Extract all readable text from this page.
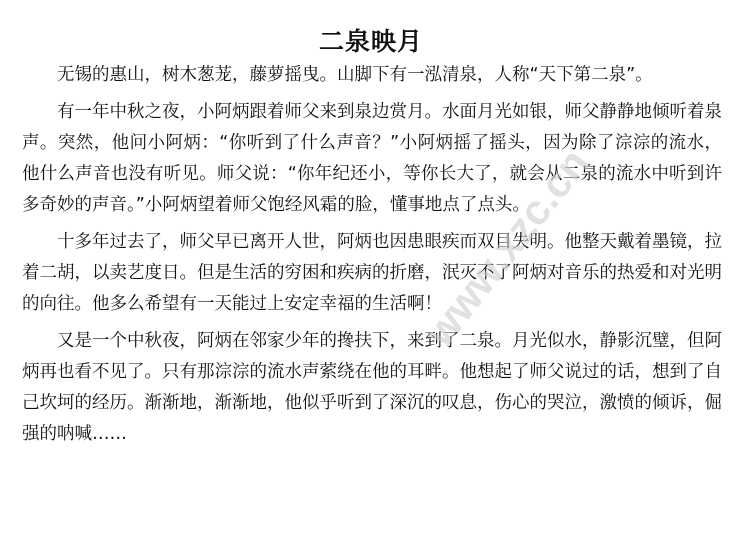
二泉映月

无锡的惠山，树木葱茏，藤萝摇曳。山脚下有一泓清泉，人称“天下第二泉”。

有一年中秋之夜，小阿炳跟着师父来到泉边赏月。水面月光如银，师父静静地倾听着泉声。突然，他问小阿炳：“你听到了什么声音？”小阿炳摇了摇头，因为除了淙淙的流水，他什么声音也没有听见。师父说：“你年纪还小，等你长大了，就会从二泉的流水中听到许多奇妙的声音。”小阿炳望着师父饱经风霜的脸，懂事地点了点头。

十多年过去了，师父早已离开人世，阿炳也因患眼疾而双目失明。他整天戴着墨镜，拉着二胡，以卖艺度日。但是生活的穷困和疾病的折磨，泯灭不了阿炳对音乐的热爱和对光明的向往。他多么希望有一天能过上安定幸福的生活啊！

又是一个中秋夜，阿炳在邻家少年的搀扶下，来到了二泉。月光似水，静影沉璧，但阿炳再也看不见了。只有那淙淙的流水声萦绕在他的耳畔。他想起了师父说过的话，想到了自己坎坷的经历。渐渐地，渐渐地，他似乎听到了深沉的叹息，伤心的哭泣，激愤的倾诉，倔强的呐喊……

www.xzc.cn
